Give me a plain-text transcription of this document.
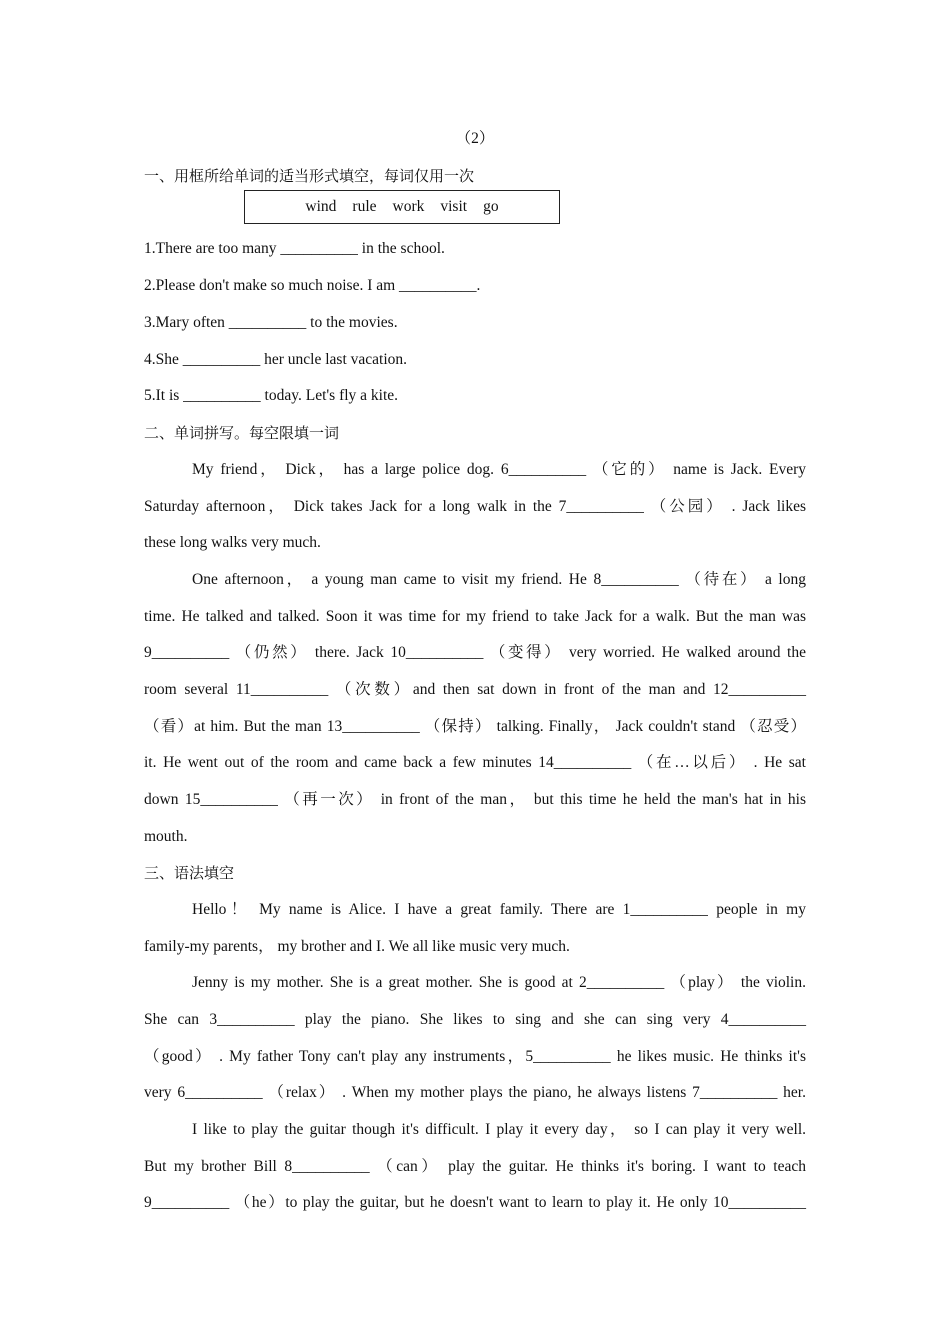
（2）
一、用框所给单词的适当形式填空，每词仅用一次
wind rule work visit go
1.There are too many __________ in the school.
2.Please don't make so much noise. I am __________.
3.Mary often __________ to the movies.
4.She __________ her uncle last vacation.
5.It is __________ today. Let's fly a kite.
二、单词拼写。每空限填一词
My friend， Dick， has a large police dog. 6__________ （它的） name is Jack. Every
Saturday afternoon， Dick takes Jack for a long walk in the 7__________ （公园） . Jack likes
these long walks very much.
One afternoon， a young man came to visit my friend. He 8__________ （待在） a long
time. He talked and talked. Soon it was time for my friend to take Jack for a walk. But the man was
9__________ （仍然） there. Jack 10__________ （变得） very worried. He walked around the
room several 11__________ （次数）and then sat down in front of the man and 12__________
（看）at him. But the man 13__________ （保持） talking. Finally， Jack couldn't stand （忍受）
it. He went out of the room and came back a few minutes 14__________ （在…以后） . He sat
down 15__________ （再一次） in front of the man， but this time he held the man's hat in his
mouth.
三、语法填空
Hello！ My name is Alice. I have a great family. There are 1__________ people in my
family-my parents， my brother and I. We all like music very much.
Jenny is my mother. She is a great mother. She is good at 2__________ （play） the violin.
She can 3__________ play the piano. She likes to sing and she can sing very 4__________
（good） . My father Tony can't play any instruments，5__________ he likes music. He thinks it's
very 6__________ （relax） . When my mother plays the piano, he always listens 7__________ her.
I like to play the guitar though it's difficult. I play it every day， so I can play it very well.
But my brother Bill 8__________ （can） play the guitar. He thinks it's boring. I want to teach
9__________ （he）to play the guitar, but he doesn't want to learn to play it. He only 10__________
